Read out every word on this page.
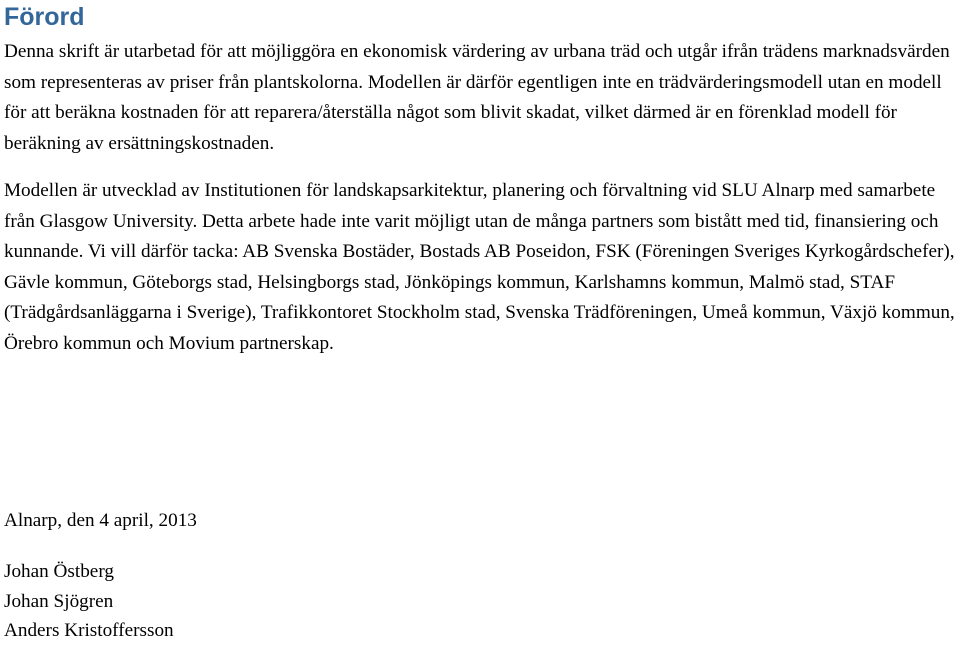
Förord

Denna skrift är utarbetad för att möjliggöra en ekonomisk värdering av urbana träd och utgår ifrån trädens marknadsvärden som representeras av priser från plantskolorna. Modellen är därför egentligen inte en trädvärderingsmodell utan en modell för att beräkna kostnaden för att reparera/återställa något som blivit skadat, vilket därmed är en förenklad modell för beräkning av ersättningskostnaden.

Modellen är utvecklad av Institutionen för landskapsarkitektur, planering och förvaltning vid SLU Alnarp med samarbete från Glasgow University. Detta arbete hade inte varit möjligt utan de många partners som bistått med tid, finansiering och kunnande. Vi vill därför tacka: AB Svenska Bostäder, Bostads AB Poseidon, FSK (Föreningen Sveriges Kyrkogårdschefer), Gävle kommun, Göteborgs stad, Helsingborgs stad, Jönköpings kommun, Karlshamns kommun, Malmö stad, STAF (Trädgårdsanläggarna i Sverige), Trafikkontoret Stockholm stad, Svenska Trädföreningen, Umeå kommun, Växjö kommun, Örebro kommun och Movium partnerskap.

Alnarp, den 4 april, 2013

Johan Östberg

Johan Sjögren

Anders Kristoffersson
